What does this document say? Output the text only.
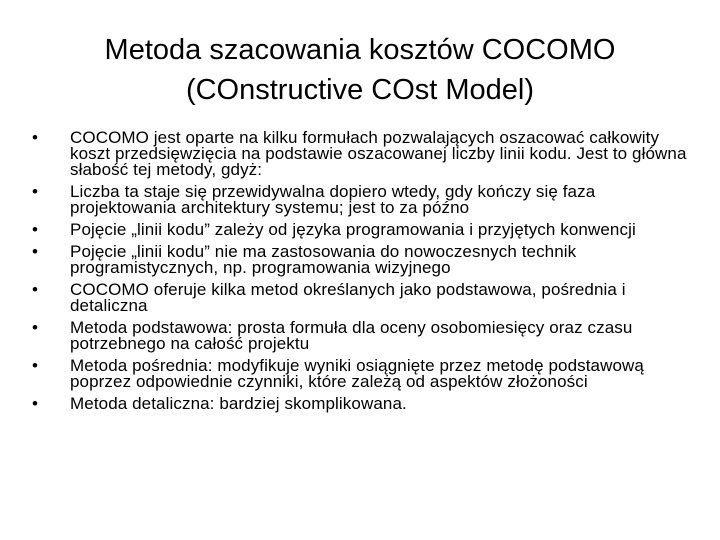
Metoda szacowania kosztów COCOMO
(COnstructive COst Model)
• COCOMO jest oparte na kilku formułach pozwalających oszacować całkowity koszt przedsięwzięcia na podstawie oszacowanej liczby linii kodu. Jest to główna słabość tej metody, gdyż:
• Liczba ta staje się przewidywalna dopiero wtedy, gdy kończy się faza projektowania architektury systemu; jest to za późno
• Pojęcie „linii kodu” zależy od języka programowania i przyjętych konwencji
• Pojęcie „linii kodu” nie ma zastosowania do nowoczesnych technik programistycznych, np. programowania wizyjnego
• COCOMO oferuje kilka metod określanych jako podstawowa, pośrednia i detaliczna
• Metoda podstawowa: prosta formuła dla oceny osobomiesięcy oraz czasu potrzebnego na całość projektu
• Metoda pośrednia: modyfikuje wyniki osiągnięte przez metodę podstawową poprzez odpowiednie czynniki, które zależą od aspektów złożoności
• Metoda detaliczna: bardziej skomplikowana.
